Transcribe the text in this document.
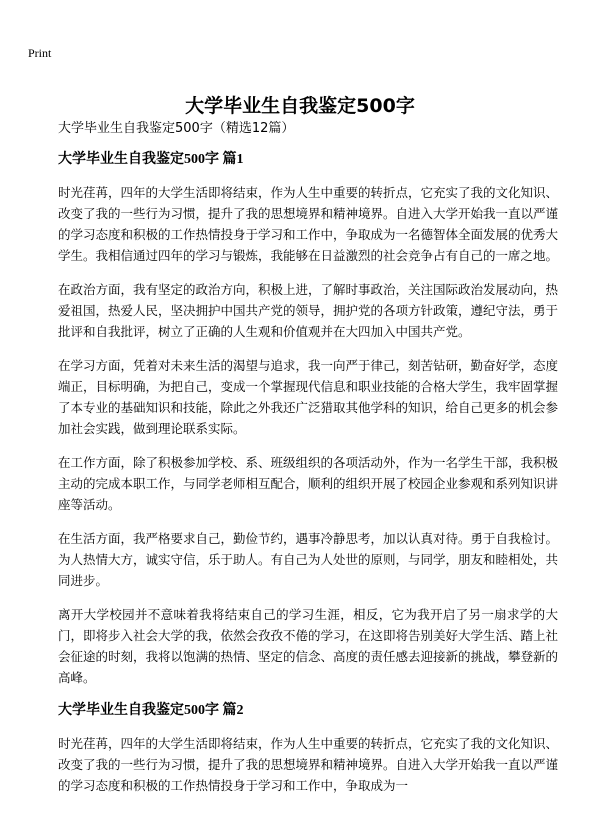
Print
大学毕业生自我鉴定500字

大学毕业生自我鉴定500字（精选12篇）

大学毕业生自我鉴定500字 篇1

时光荏苒，四年的大学生活即将结束，作为人生中重要的转折点，它充实了我的文化知识、改变了我的一些行为习惯，提升了我的思想境界和精神境界。自进入大学开始我一直以严谨的学习态度和积极的工作热情投身于学习和工作中，争取成为一名德智体全面发展的优秀大学生。我相信通过四年的学习与锻炼，我能够在日益激烈的社会竞争占有自己的一席之地。

在政治方面，我有坚定的政治方向，积极上进，了解时事政治，关注国际政治发展动向，热爱祖国，热爱人民，坚决拥护中国共产党的领导，拥护党的各项方针政策，遵纪守法，勇于批评和自我批评，树立了正确的人生观和价值观并在大四加入中国共产党。

在学习方面，凭着对未来生活的渴望与追求，我一向严于律己，刻苦钻研，勤奋好学，态度端正，目标明确，为把自己，变成一个掌握现代信息和职业技能的合格大学生，我牢固掌握了本专业的基础知识和技能，除此之外我还广泛猎取其他学科的知识，给自己更多的机会参加社会实践，做到理论联系实际。

在工作方面，除了积极参加学校、系、班级组织的各项活动外，作为一名学生干部，我积极主动的完成本职工作，与同学老师相互配合，顺利的组织开展了校园企业参观和系列知识讲座等活动。

在生活方面，我严格要求自己，勤俭节约，遇事冷静思考，加以认真对待。勇于自我检讨。为人热情大方，诚实守信，乐于助人。有自己为人处世的原则，与同学，朋友和睦相处，共同进步。

离开大学校园并不意味着我将结束自己的学习生涯，相反，它为我开启了另一扇求学的大门，即将步入社会大学的我，依然会孜孜不倦的学习，在这即将告别美好大学生活、踏上社会征途的时刻，我将以饱满的热情、坚定的信念、高度的责任感去迎接新的挑战，攀登新的高峰。

大学毕业生自我鉴定500字 篇2

时光荏苒，四年的大学生活即将结束，作为人生中重要的转折点，它充实了我的文化知识、改变了我的一些行为习惯，提升了我的思想境界和精神境界。自进入大学开始我一直以严谨的学习态度和积极的工作热情投身于学习和工作中，争取成为一
